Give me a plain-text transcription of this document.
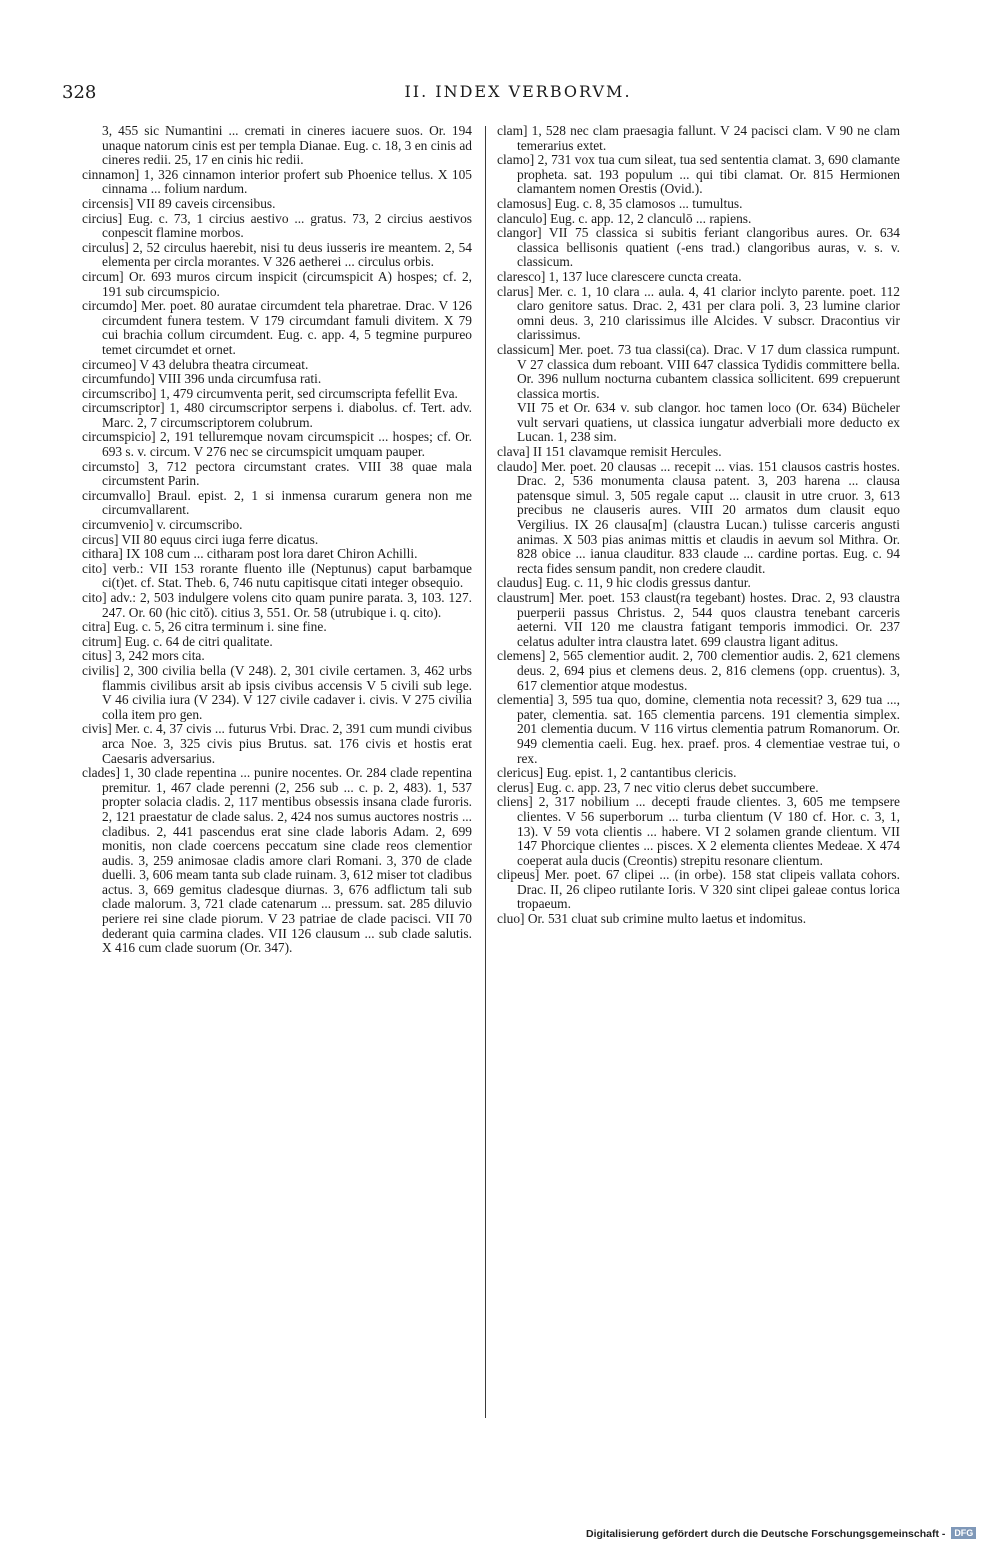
328	II. INDEX VERBORVM.

3, 455 sic Numantini ... cremati in cineres iacuere suos. Or. 194 unaque natorum cinis est per templa Dianae. Eug. c. 18, 3 en cinis ad cineres redii. 25, 17 en cinis hic redii.

cinnamon] 1, 326 cinnamon interior profert sub Phoenice tellus. X 105 cinnama ... folium nardum.

circensis] VII 89 caveis circensibus.

circius] Eug. c. 73, 1 circius aestivo ... gratus. 73, 2 circius aestivos conpescit flamine morbos.

circulus] 2, 52 circulus haerebit, nisi tu deus iusseris ire meantem. 2, 54 elementa per circla morantes. V 326 aetherei ... circulus orbis.

circum] Or. 693 muros circum inspicit (circumspicit A) hospes; cf. 2, 191 sub circumspicio.

circumdo] Mer. poet. 80 auratae circumdent tela pharetrae. Drac. V 126 circumdent funera testem. V 179 circumdant famuli divitem. X 79 cui brachia collum circumdent. Eug. c. app. 4, 5 tegmine purpureo temet circumdet et ornet.

circumeo] V 43 delubra theatra circumeat.

circumfundo] VIII 396 unda circumfusa rati.

circumscribo] 1, 479 circumventa perit, sed circumscripta fefellit Eva.

circumscriptor] 1, 480 circumscriptor serpens i. diabolus. cf. Tert. adv. Marc. 2, 7 circumscriptorem colubrum.

circumspicio] 2, 191 telluremque novam circumspicit ... hospes; cf. Or. 693 s. v. circum. V 276 nec se circumspicit umquam pauper.

circumsto] 3, 712 pectora circumstant crates. VIII 38 quae mala circumstent Parin.

circumvallo] Braul. epist. 2, 1 si inmensa curarum genera non me circumvallarent.

circumvenio] v. circumscribo.

circus] VII 80 equus circi iuga ferre dicatus.

cithara] IX 108 cum ... citharam post lora daret Chiron Achilli.

cito] verb.: VII 153 rorante fluento ille (Neptunus) caput barbamque ci(t)et. cf. Stat. Theb. 6, 746 nutu capitisque citati integer obsequio.

cito] adv.: 2, 503 indulgere volens cito quam punire parata. 3, 103. 127. 247. Or. 60 (hic citŏ). citius 3, 551. Or. 58 (utrubique i. q. cito).

citra] Eug. c. 5, 26 citra terminum i. sine fine.

citrum] Eug. c. 64 de citri qualitate.

citus] 3, 242 mors cita.

civilis] 2, 300 civilia bella (V 248). 2, 301 civile certamen. 3, 462 urbs flammis civilibus arsit ab ipsis civibus accensis V 5 civili sub lege. V 46 civilia iura (V 234). V 127 civile cadaver i. civis. V 275 civilia colla item pro gen.

civis] Mer. c. 4, 37 civis ... futurus Vrbi. Drac. 2, 391 cum mundi civibus arca Noe. 3, 325 civis pius Brutus. sat. 176 civis et hostis erat Caesaris adversarius.

clades] 1, 30 clade repentina ... punire nocentes. Or. 284 clade repentina premitur. 1, 467 clade perenni (2, 256 sub ... c. p. 2, 483). 1, 537 propter solacia cladis. 2, 117 mentibus obsessis insana clade furoris. 2, 121 praestatur de clade salus. 2, 424 nos sumus auctores nostris ... cladibus. 2, 441 pascendus erat sine clade laboris Adam. 2, 699 monitis, non clade coercens peccatum sine clade reos clementior audis. 3, 259 animosae cladis amore clari Romani. 3, 370 de clade duelli. 3, 606 meam tanta sub clade ruinam. 3, 612 miser tot cladibus actus. 3, 669 gemitus cladesque diurnas. 3, 676 adflictum tali sub clade malorum. 3, 721 clade catenarum ... pressum. sat. 285 diluvio periere rei sine clade piorum. V 23 patriae de clade pacisci. VII 70 dederant quia carmina clades. VII 126 clausum ... sub clade salutis. X 416 cum clade suorum (Or. 347).

clam] 1, 528 nec clam praesagia fallunt. V 24 pacisci clam. V 90 ne clam temerarius extet.

clamo] 2, 731 vox tua cum sileat, tua sed sententia clamat. 3, 690 clamante propheta. sat. 193 populum ... qui tibi clamat. Or. 815 Hermionen clamantem nomen Orestis (Ovid.).

clamosus] Eug. c. 8, 35 clamosos ... tumultus.

clanculo] Eug. c. app. 12, 2 clanculō ... rapiens.

clangor] VII 75 classica si subitis feriant clangoribus aures. Or. 634 classica bellisonis quatient (-ens trad.) clangoribus auras, v. s. v. classicum.

claresco] 1, 137 luce clarescere cuncta creata.

clarus] Mer. c. 1, 10 clara ... aula. 4, 41 clarior inclyto parente. poet. 112 claro genitore satus. Drac. 2, 431 per clara poli. 3, 23 lumine clarior omni deus. 3, 210 clarissimus ille Alcides. V subscr. Dracontius vir clarissimus.

classicum] Mer. poet. 73 tua classi(ca). Drac. V 17 dum classica rumpunt. V 27 classica dum reboant. VIII 647 classica Tydidis committere bella. Or. 396 nullum nocturna cubantem classica sollicitent. 699 crepuerunt classica mortis.

VII 75 et Or. 634 v. sub clangor. hoc tamen loco (Or. 634) Bücheler vult servari quatiens, ut classica iungatur adverbiali more deducto ex Lucan. 1, 238 sim.

clava] II 151 clavamque remisit Hercules.

claudo] Mer. poet. 20 clausas ... recepit ... vias. 151 clausos castris hostes. Drac. 2, 536 monumenta clausa patent. 3, 203 harena ... clausa patensque simul. 3, 505 regale caput ... clausit in utre cruor. 3, 613 precibus ne clauseris aures. VIII 20 armatos dum clausit equo Vergilius. IX 26 clausa[m] (claustra Lucan.) tulisse carceris angusti animas. X 503 pias animas mittis et claudis in aevum sol Mithra. Or. 828 obice ... ianua clauditur. 833 claude ... cardine portas. Eug. c. 94 recta fides sensum pandit, non credere claudit.

claudus] Eug. c. 11, 9 hic clodis gressus dantur.

claustrum] Mer. poet. 153 claust(ra tegebant) hostes. Drac. 2, 93 claustra puerperii passus Christus. 2, 544 quos claustra tenebant carceris aeterni. VII 120 me claustra fatigant temporis immodici. Or. 237 celatus adulter intra claustra latet. 699 claustra ligant aditus.

clemens] 2, 565 clementior audit. 2, 700 clementior audis. 2, 621 clemens deus. 2, 694 pius et clemens deus. 2, 816 clemens (opp. cruentus). 3, 617 clementior atque modestus.

clementia] 3, 595 tua quo, domine, clementia nota recessit? 3, 629 tua ..., pater, clementia. sat. 165 clementia parcens. 191 clementia simplex. 201 clementia ducum. V 116 virtus clementia patrum Romanorum. Or. 949 clementia caeli. Eug. hex. praef. pros. 4 clementiae vestrae tui, o rex.

clericus] Eug. epist. 1, 2 cantantibus clericis.

clerus] Eug. c. app. 23, 7 nec vitio clerus debet succumbere.

cliens] 2, 317 nobilium ... decepti fraude clientes. 3, 605 me tempsere clientes. V 56 superborum ... turba clientum (V 180 cf. Hor. c. 3, 1, 13). V 59 vota clientis ... habere. VI 2 solamen grande clientum. VII 147 Phorcique clientes ... pisces. X 2 elementa clientes Medeae. X 474 coeperat aula ducis (Creontis) strepitu resonare clientum.

clipeus] Mer. poet. 67 clipei ... (in orbe). 158 stat clipeis vallata cohors. Drac. II, 26 clipeo rutilante Ioris. V 320 sint clipei galeae contus lorica tropaeum.

cluo] Or. 531 cluat sub crimine multo laetus et indomitus.

Digitalisierung gefördert durch die Deutsche Forschungsgemeinschaft - DFG
